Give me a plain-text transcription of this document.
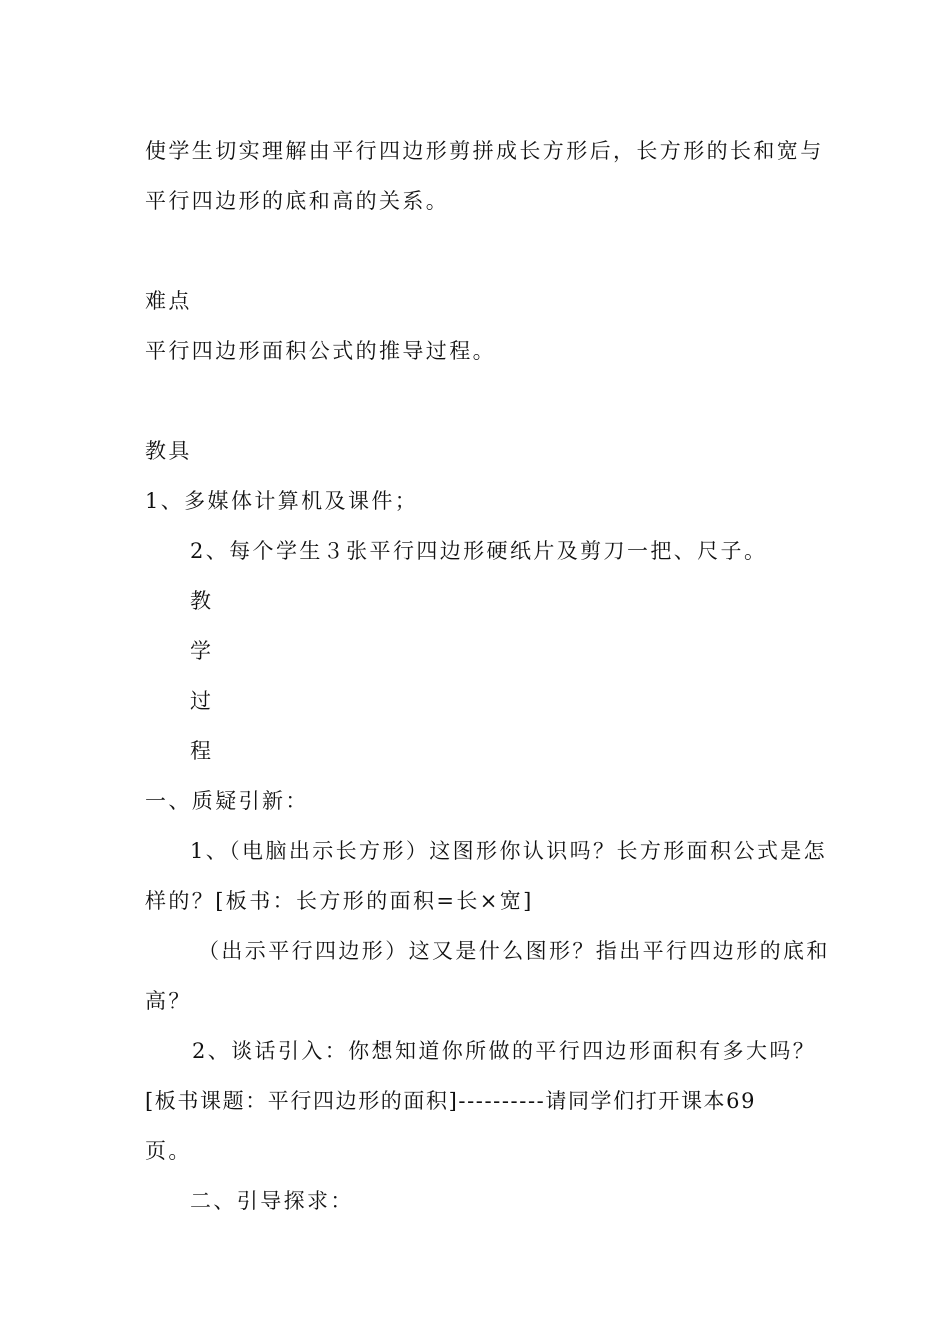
使学生切实理解由平行四边形剪拼成长方形后，长方形的长和宽与
平行四边形的底和高的关系。
难点
平行四边形面积公式的推导过程。
教具
1、多媒体计算机及课件；
2、每个学生３张平行四边形硬纸片及剪刀一把、尺子。
教
学
过
程
一、质疑引新：
1、（电脑出示长方形）这图形你认识吗？长方形面积公式是怎
样的？[板书：长方形的面积=长×宽]
（出示平行四边形）这又是什么图形？指出平行四边形的底和
高？
2、谈话引入：你想知道你所做的平行四边形面积有多大吗？
[板书课题：平行四边形的面积]----------请同学们打开课本69
页。
二、引导探求：
